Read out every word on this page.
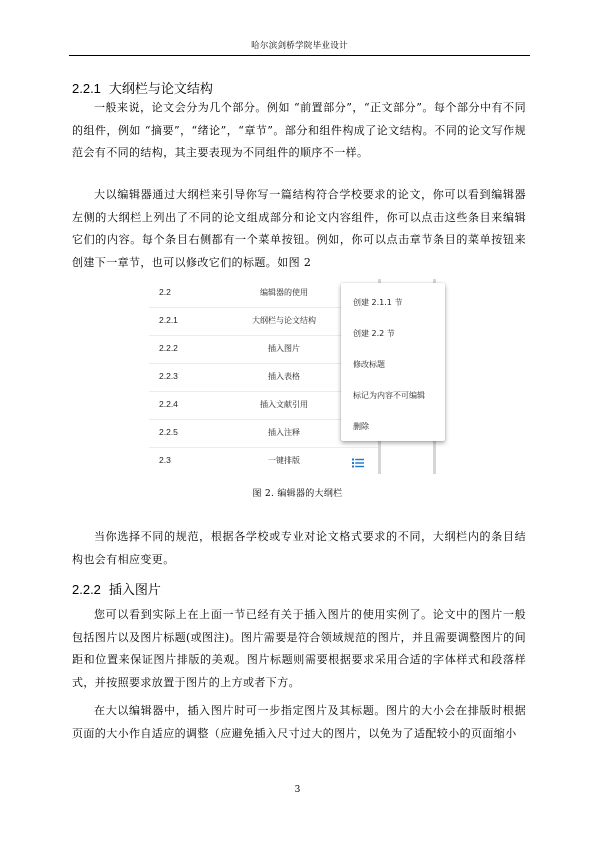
哈尔滨剑桥学院毕业设计
2.2.1 大纲栏与论文结构
一般来说，论文会分为几个部分。例如 “前置部分”，“正文部分”。每个部分中有不同的组件，例如 “摘要”，“绪论”，“章节”。部分和组件构成了论文结构。不同的论文写作规范会有不同的结构，其主要表现为不同组件的顺序不一样。
大以编辑器通过大纲栏来引导你写一篇结构符合学校要求的论文，你可以看到编辑器左侧的大纲栏上列出了不同的论文组成部分和论文内容组件，你可以点击这些条目来编辑它们的内容。每个条目右侧都有一个菜单按钮。例如，你可以点击章节条目的菜单按钮来创建下一章节，也可以修改它们的标题。如图 2
2.2	编辑器的使用
2.2.1	大纲栏与论文结构
2.2.2	插入图片
2.2.3	插入表格
2.2.4	插入文献引用
2.2.5	插入注释
2.3	一键排版
创建 2.1.1 节
创建 2.2 节
修改标题
标记为内容不可编辑
删除
图 2. 编辑器的大纲栏
当你选择不同的规范，根据各学校或专业对论文格式要求的不同，大纲栏内的条目结构也会有相应变更。
2.2.2 插入图片
您可以看到实际上在上面一节已经有关于插入图片的使用实例了。论文中的图片一般包括图片以及图片标题(或图注)。图片需要是符合领域规范的图片，并且需要调整图片的间距和位置来保证图片排版的美观。图片标题则需要根据要求采用合适的字体样式和段落样式，并按照要求放置于图片的上方或者下方。
在大以编辑器中，插入图片时可一步指定图片及其标题。图片的大小会在排版时根据页面的大小作自适应的调整（应避免插入尺寸过大的图片，以免为了适配较小的页面缩小
3
